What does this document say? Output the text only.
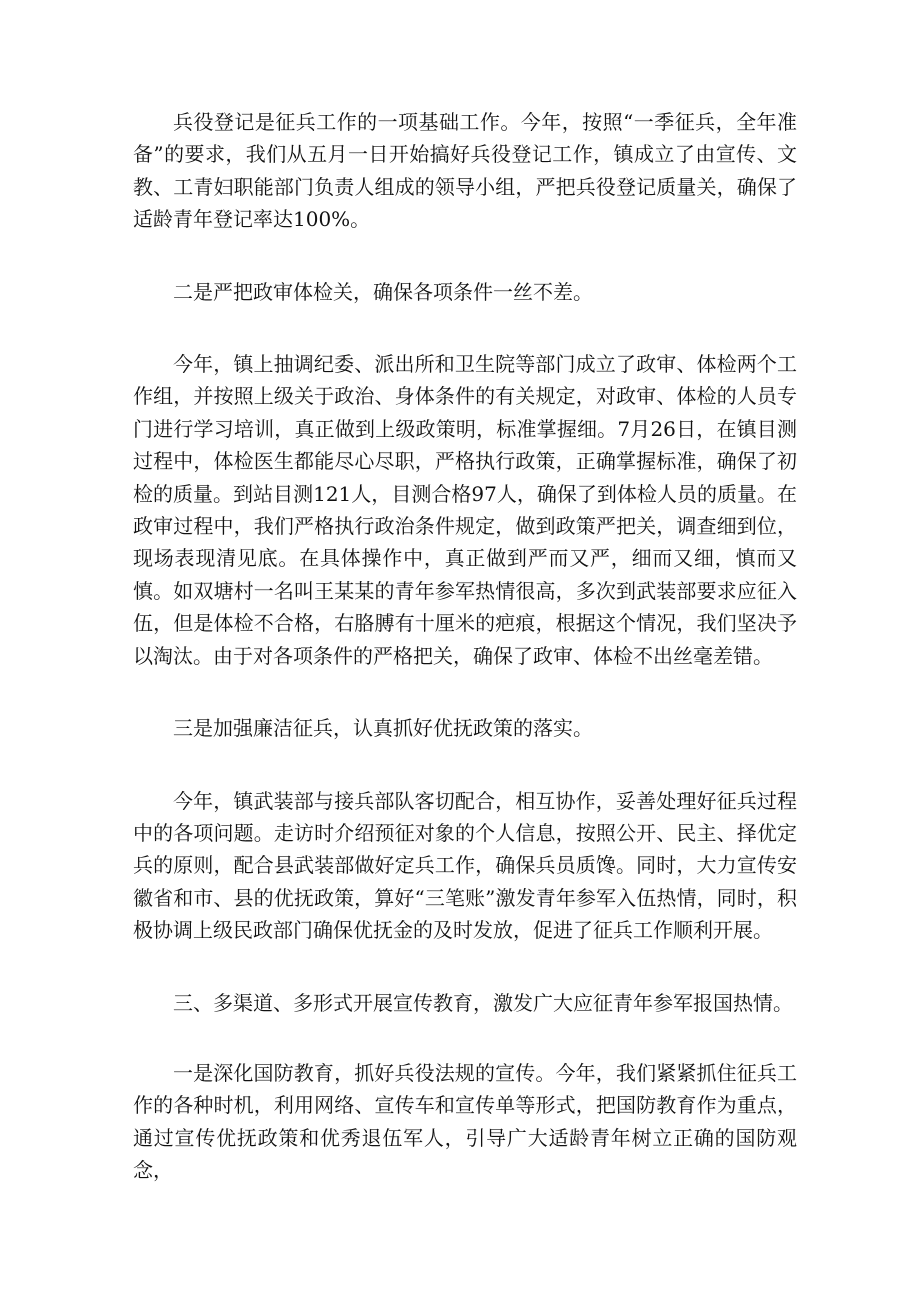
兵役登记是征兵工作的一项基础工作。今年，按照“一季征兵，全年准备”的要求，我们从五月一日开始搞好兵役登记工作，镇成立了由宣传、文教、工青妇职能部门负责人组成的领导小组，严把兵役登记质量关，确保了适龄青年登记率达100%。

二是严把政审体检关，确保各项条件一丝不差。

今年，镇上抽调纪委、派出所和卫生院等部门成立了政审、体检两个工作组，并按照上级关于政治、身体条件的有关规定，对政审、体检的人员专门进行学习培训，真正做到上级政策明，标准掌握细。7月26日，在镇目测过程中，体检医生都能尽心尽职，严格执行政策，正确掌握标准，确保了初检的质量。到站目测121人，目测合格97人，确保了到体检人员的质量。在政审过程中，我们严格执行政治条件规定，做到政策严把关，调查细到位，现场表现清见底。在具体操作中，真正做到严而又严，细而又细，慎而又慎。如双塘村一名叫王某某的青年参军热情很高，多次到武装部要求应征入伍，但是体检不合格，右胳膊有十厘米的疤痕，根据这个情况，我们坚决予以淘汰。由于对各项条件的严格把关，确保了政审、体检不出丝毫差错。

三是加强廉洁征兵，认真抓好优抚政策的落实。

今年，镇武装部与接兵部队客切配合，相互协作，妥善处理好征兵过程中的各项问题。走访时介绍预征对象的个人信息，按照公开、民主、择优定兵的原则，配合县武装部做好定兵工作，确保兵员质馋。同时，大力宣传安徽省和市、县的优抚政策，算好“三笔账”激发青年参军入伍热情，同时，积极协调上级民政部门确保优抚金的及时发放，促进了征兵工作顺利开展。

三、多渠道、多形式开展宣传教育，激发广大应征青年参军报国热情。

一是深化国防教育，抓好兵役法规的宣传。今年，我们紧紧抓住征兵工作的各种时机，利用网络、宣传车和宣传单等形式，把国防教育作为重点，通过宣传优抚政策和优秀退伍军人，引导广大适龄青年树立正确的国防观念，
